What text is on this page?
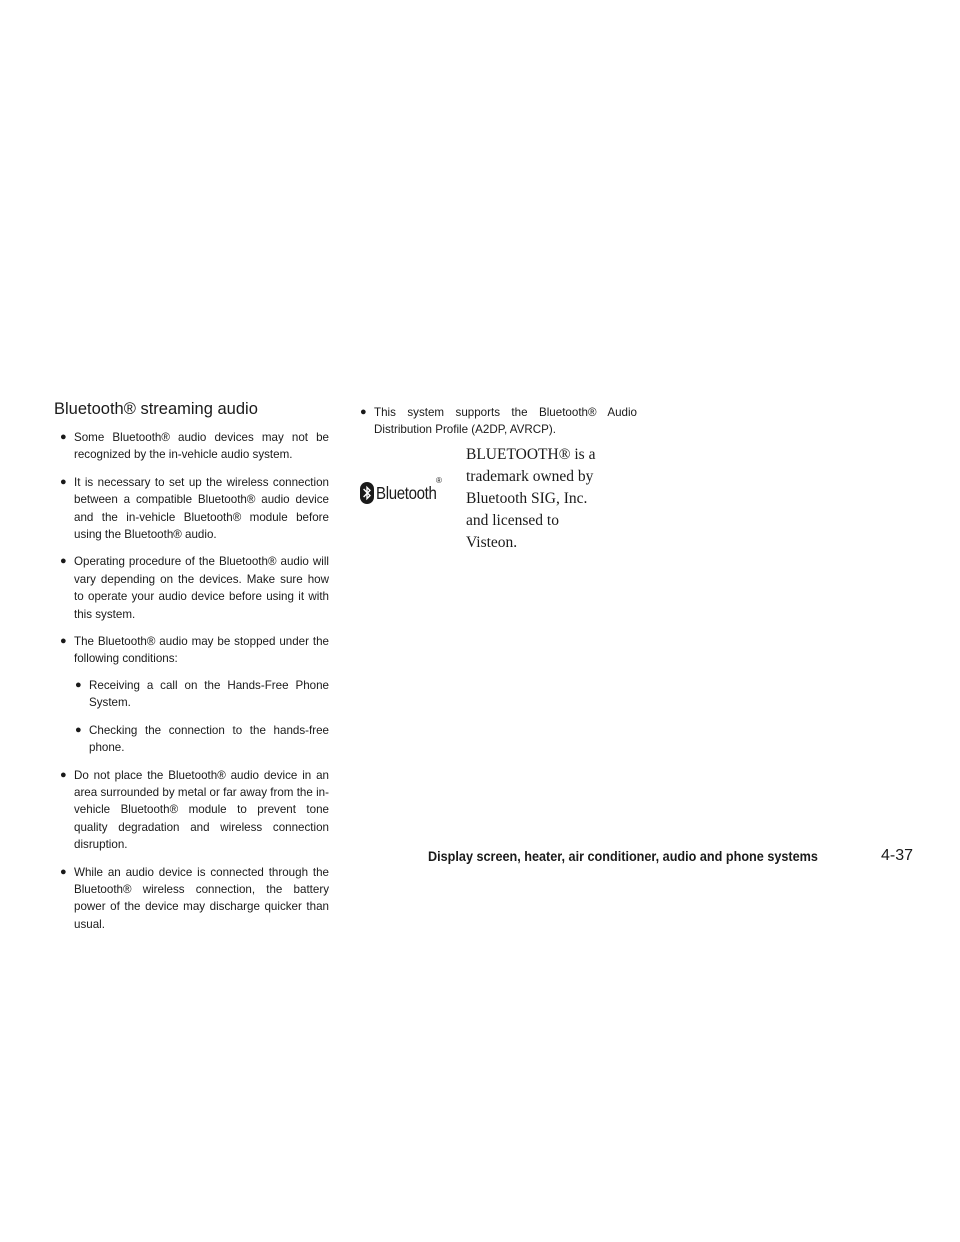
Bluetooth® streaming audio
● Some Bluetooth® audio devices may not be recognized by the in-vehicle audio system.
● It is necessary to set up the wireless connection between a compatible Bluetooth® audio device and the in-vehicle Bluetooth® module before using the Bluetooth® audio.
● Operating procedure of the Bluetooth® audio will vary depending on the devices. Make sure how to operate your audio device before using it with this system.
● The Bluetooth® audio may be stopped under the following conditions:
● Receiving a call on the Hands-Free Phone System.
● Checking the connection to the hands-free phone.
● Do not place the Bluetooth® audio device in an area surrounded by metal or far away from the in-vehicle Bluetooth® module to prevent tone quality degradation and wireless connection disruption.
● While an audio device is connected through the Bluetooth® wireless connection, the battery power of the device may discharge quicker than usual.
● This system supports the Bluetooth® Audio Distribution Profile (A2DP, AVRCP).
Bluetooth
®
BLUETOOTH® is a
trademark owned by
Bluetooth SIG, Inc.
and licensed to
Visteon.
Display screen, heater, air conditioner, audio and phone systems	4-37
